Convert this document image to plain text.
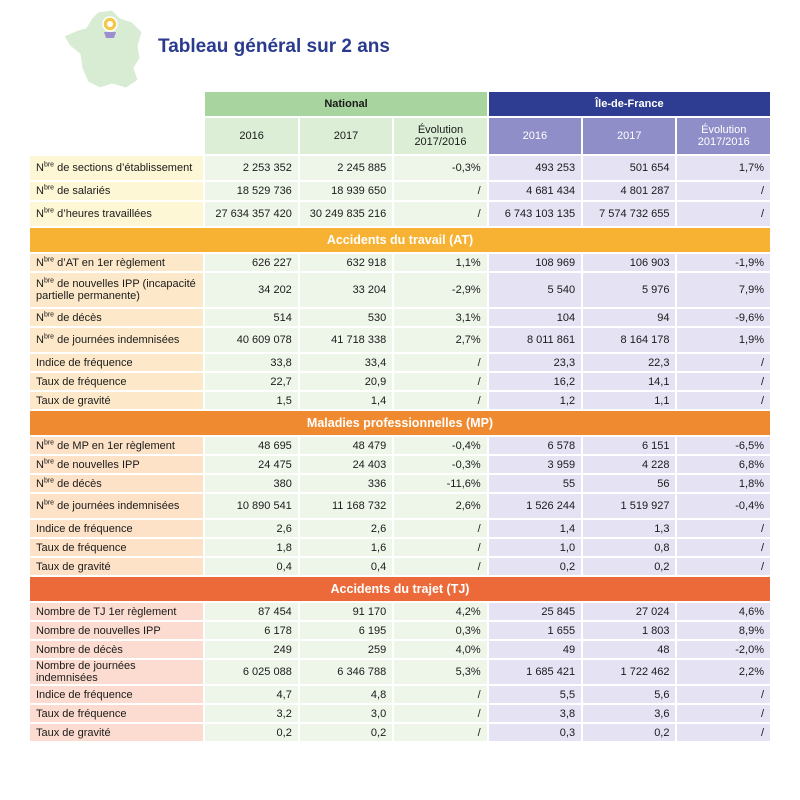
Tableau général sur 2 ans
	National			Île-de-France		
	2016	2017	Évolution 2017/2016	2016	2017	Évolution 2017/2016
$N^{bre}$ de sections d’établissement	2 253 352	2 245 885	-0,3%	493 253	501 654	1,7%
$N^{bre}$ de salariés	18 529 736	18 939 650	/	4 681 434	4 801 287	/
$N^{bre}$ d’heures travaillées	27 634 357 420	30 249 835 216	/	6 743 103 135	7 574 732 655	/
Accidents du travail (AT)						
$N^{bre}$ d’AT en 1er règlement	626 227	632 918	1,1%	108 969	106 903	-1,9%
$N^{bre}$ de nouvelles IPP (incapacité partielle permanente)	34 202	33 204	-2,9%	5 540	5 976	7,9%
$N^{bre}$ de décès	514	530	3,1%	104	94	-9,6%
$N^{bre}$ de journées indemnisées	40 609 078	41 718 338	2,7%	8 011 861	8 164 178	1,9%
Indice de fréquence	33,8	33,4	/	23,3	22,3	/
Taux de fréquence	22,7	20,9	/	16,2	14,1	/
Taux de gravité	1,5	1,4	/	1,2	1,1	/
Maladies professionnelles (MP)						
$N^{bre}$ de MP en 1er règlement	48 695	48 479	-0,4%	6 578	6 151	-6,5%
$N^{bre}$ de nouvelles IPP	24 475	24 403	-0,3%	3 959	4 228	6,8%
$N^{bre}$ de décès	380	336	-11,6%	55	56	1,8%
$N^{bre}$ de journées indemnisées	10 890 541	11 168 732	2,6%	1 526 244	1 519 927	-0,4%
Indice de fréquence	2,6	2,6	/	1,4	1,3	/
Taux de fréquence	1,8	1,6	/	1,0	0,8	/
Taux de gravité	0,4	0,4	/	0,2	0,2	/
Accidents du trajet (TJ)						
Nombre de TJ 1er règlement	87 454	91 170	4,2%	25 845	27 024	4,6%
Nombre de nouvelles IPP	6 178	6 195	0,3%	1 655	1 803	8,9%
Nombre de décès	249	259	4,0%	49	48	-2,0%
Nombre de journées indemnisées	6 025 088	6 346 788	5,3%	1 685 421	1 722 462	2,2%
Indice de fréquence	4,7	4,8	/	5,5	5,6	/
Taux de fréquence	3,2	3,0	/	3,8	3,6	/
Taux de gravité	0,2	0,2	/	0,3	0,2	/
